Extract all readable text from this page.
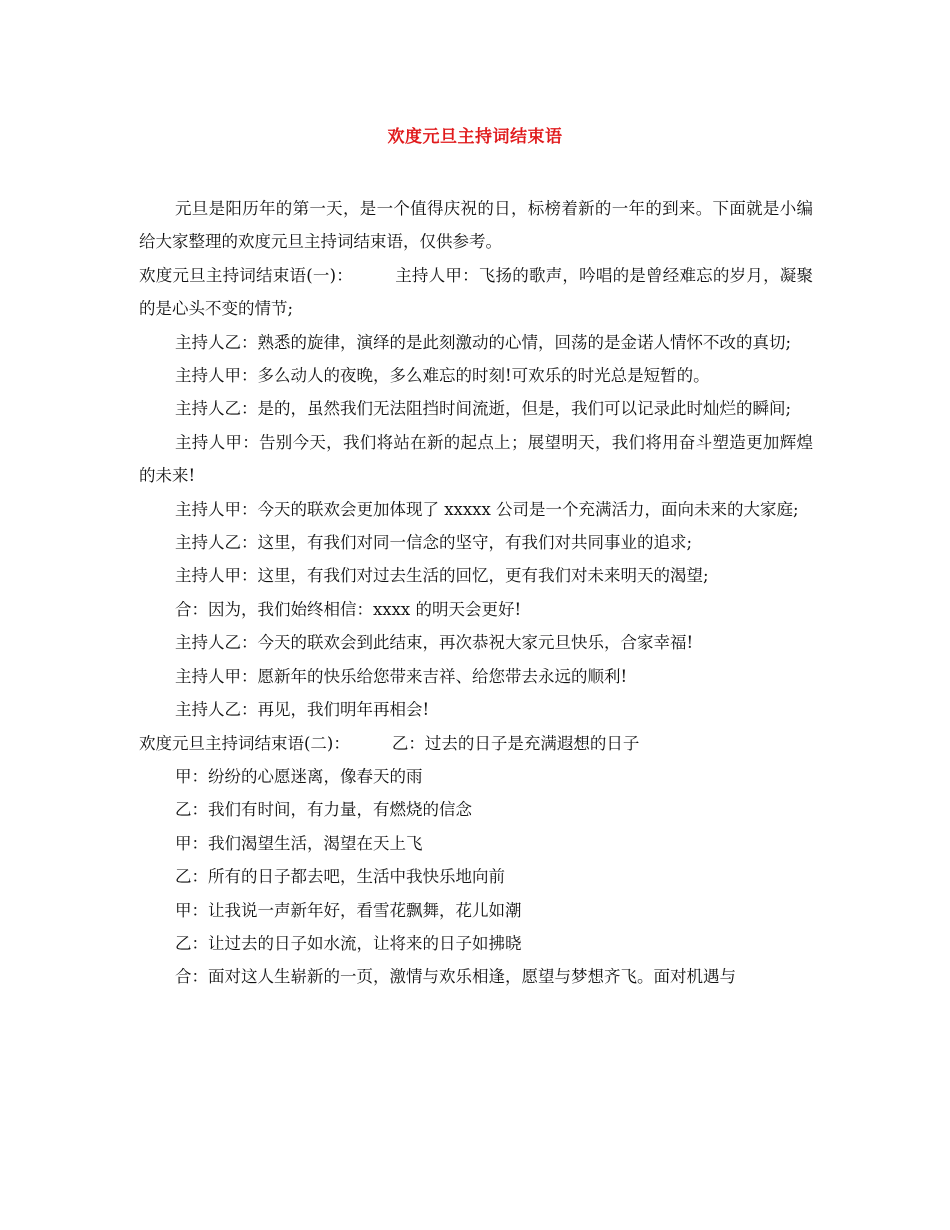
欢度元旦主持词结束语

元旦是阳历年的第一天，是一个值得庆祝的日，标榜着新的一年的到来。下面就是小编给大家整理的欢度元旦主持词结束语，仅供参考。

欢度元旦主持词结束语(一)：	主持人甲：飞扬的歌声，吟唱的是曾经难忘的岁月，凝聚的是心头不变的情节;

主持人乙：熟悉的旋律，演绎的是此刻激动的心情，回荡的是金诺人情怀不改的真切;

主持人甲：多么动人的夜晚，多么难忘的时刻!可欢乐的时光总是短暂的。

主持人乙：是的，虽然我们无法阻挡时间流逝，但是，我们可以记录此时灿烂的瞬间;

主持人甲：告别今天，我们将站在新的起点上；展望明天，我们将用奋斗塑造更加辉煌的未来!

主持人甲：今天的联欢会更加体现了 xxxxx 公司是一个充满活力，面向未来的大家庭;

主持人乙：这里，有我们对同一信念的坚守，有我们对共同事业的追求;

主持人甲：这里，有我们对过去生活的回忆，更有我们对未来明天的渴望;

合：因为，我们始终相信：xxxx 的明天会更好!

主持人乙：今天的联欢会到此结束，再次恭祝大家元旦快乐，合家幸福!

主持人甲：愿新年的快乐给您带来吉祥、给您带去永远的顺利!

主持人乙：再见，我们明年再相会!

欢度元旦主持词结束语(二)：	乙：过去的日子是充满遐想的日子

甲：纷纷的心愿迷离，像春天的雨

乙：我们有时间，有力量，有燃烧的信念

甲：我们渴望生活，渴望在天上飞

乙：所有的日子都去吧，生活中我快乐地向前

甲：让我说一声新年好，看雪花飘舞，花儿如潮

乙：让过去的日子如水流，让将来的日子如拂晓

合：面对这人生崭新的一页，激情与欢乐相逢，愿望与梦想齐飞。面对机遇与
